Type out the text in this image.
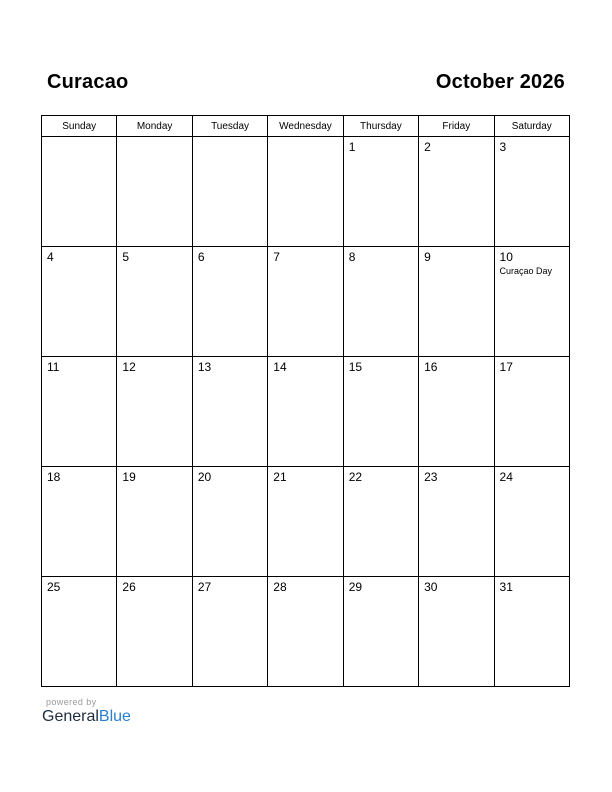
Curacao	October 2026
Sunday	Monday	Tuesday	Wednesday	Thursday	Friday	Saturday

				1	2	3

4	5	6	7	8	9	10
Curaçao Day

11	12	13	14	15	16	17

18	19	20	21	22	23	24

25	26	27	28	29	30	31
powered by
GeneralBlue
